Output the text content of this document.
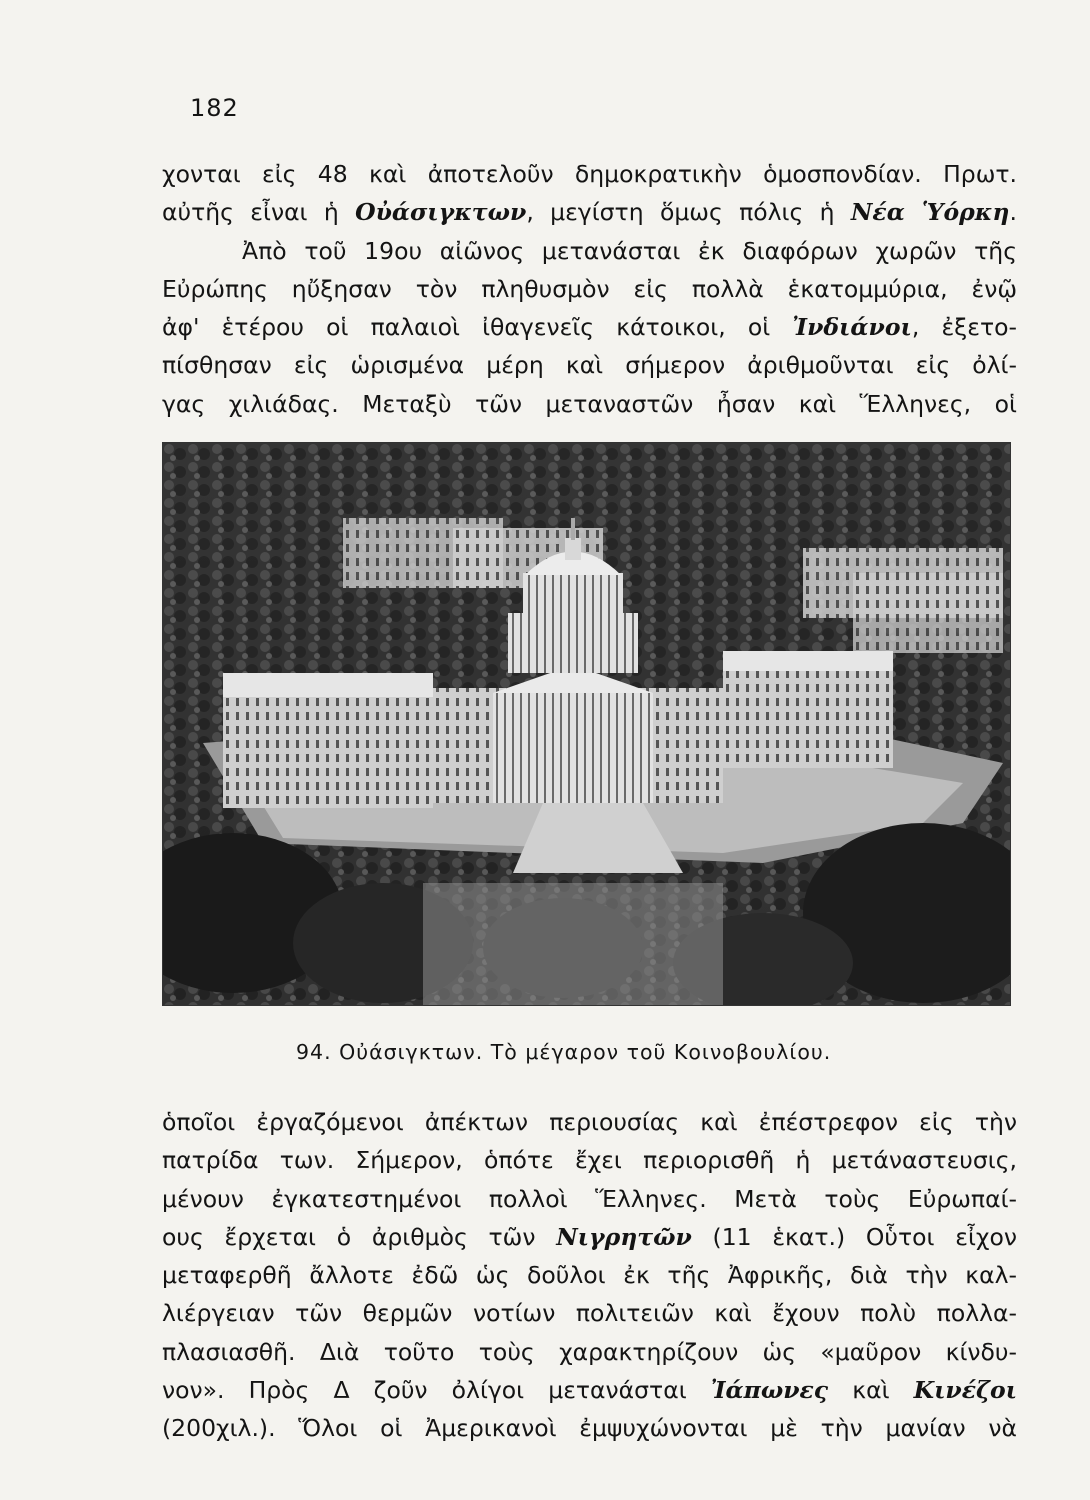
182
χονται εἰς 48 καὶ ἀποτελοῦν δημοκρατικὴν ὁμοσπονδίαν. Πρωτ.
αὐτῆς εἶναι ἡ Οὐάσιγκτων, μεγίστη ὅμως πόλις ἡ Νέα Ὑόρκη.
Ἀπὸ τοῦ 19ου αἰῶνος μετανάσται ἐκ διαφόρων χωρῶν τῆς
Εὐρώπης ηὔξησαν τὸν πληθυσμὸν εἰς πολλὰ ἑκατομμύρια, ἐνῷ
ἀφ' ἑτέρου οἱ παλαιοὶ ἰθαγενεῖς κάτοικοι, οἱ Ἰνδιάνοι, ἐξετο-
πίσθησαν εἰς ὡρισμένα μέρη καὶ σήμερον ἀριθμοῦνται εἰς ὀλί-
γας χιλιάδας. Μεταξὺ τῶν μεταναστῶν ἦσαν καὶ Ἕλληνες, οἱ
94. Οὐάσιγκτων. Τὸ μέγαρον τοῦ Κοινοβουλίου.
ὁποῖοι ἐργαζόμενοι ἀπέκτων περιουσίας καὶ ἐπέστρεφον εἰς τὴν
πατρίδα των. Σήμερον, ὁπότε ἔχει περιορισθῆ ἡ μετάναστευσις,
μένουν ἐγκατεστημένοι πολλοὶ Ἕλληνες. Μετὰ τοὺς Εὐρωπαί-
ους ἔρχεται ὁ ἀριθμὸς τῶν Νιγρητῶν (11 ἑκατ.) Οὗτοι εἶχον
μεταφερθῆ ἄλλοτε ἐδῶ ὡς δοῦλοι ἐκ τῆς Ἀφρικῆς, διὰ τὴν καλ-
λιέργειαν τῶν θερμῶν νοτίων πολιτειῶν καὶ ἔχουν πολὺ πολλα-
πλασιασθῆ. Διὰ τοῦτο τοὺς χαρακτηρίζουν ὡς «μαῦρον κίνδυ-
νον». Πρὸς Δ ζοῦν ὀλίγοι μετανάσται Ἰάπωνες καὶ Κινέζοι
(200χιλ.). Ὅλοι οἱ Ἀμερικανοὶ ἐμψυχώνονται μὲ τὴν μανίαν νὰ
